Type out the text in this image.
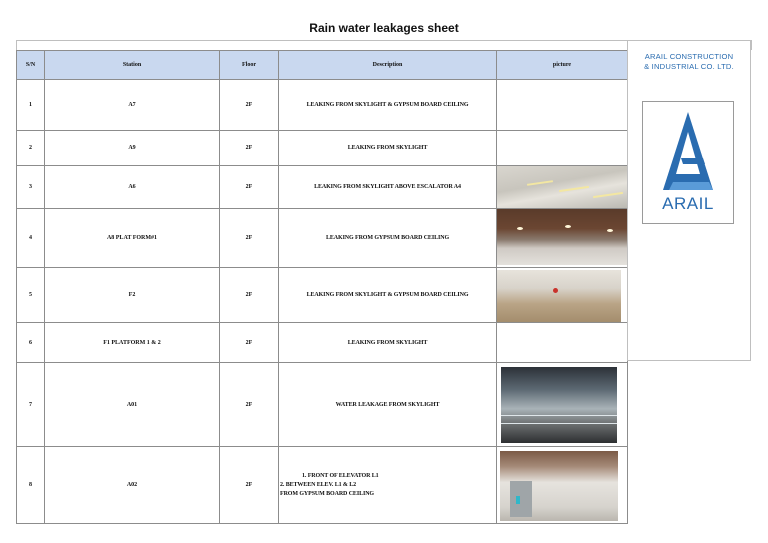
Rain water leakages sheet
S/N	Station	Floor	Description	picture
1	A7	2F	LEAKING FROM SKYLIGHT & GYPSUM BOARD CEILING	
2	A9	2F	LEAKING FROM SKYLIGHT	
3	A6	2F	LEAKING FROM SKYLIGHT ABOVE ESCALATOR A4	

4	A8 PLAT FORM#1	2F	LEAKING FROM GYPSUM BOARD CEILING	

5	F2	2F	LEAKING FROM SKYLIGHT & GYPSUM BOARD CEILING	

6	F1 PLATFORM 1 & 2	2F	LEAKING FROM SKYLIGHT	
7	A01	2F	WATER LEAKAGE FROM SKYLIGHT	

8	A02	2F	1. FRONT OF ELEVATOR L1
2. BETWEEN ELEV. L1 & L2
FROM GYPSUM BOARD CEILING	
ARAIL CONSTRUCTION
& INDUSTRIAL CO. LTD.
ARAIL
